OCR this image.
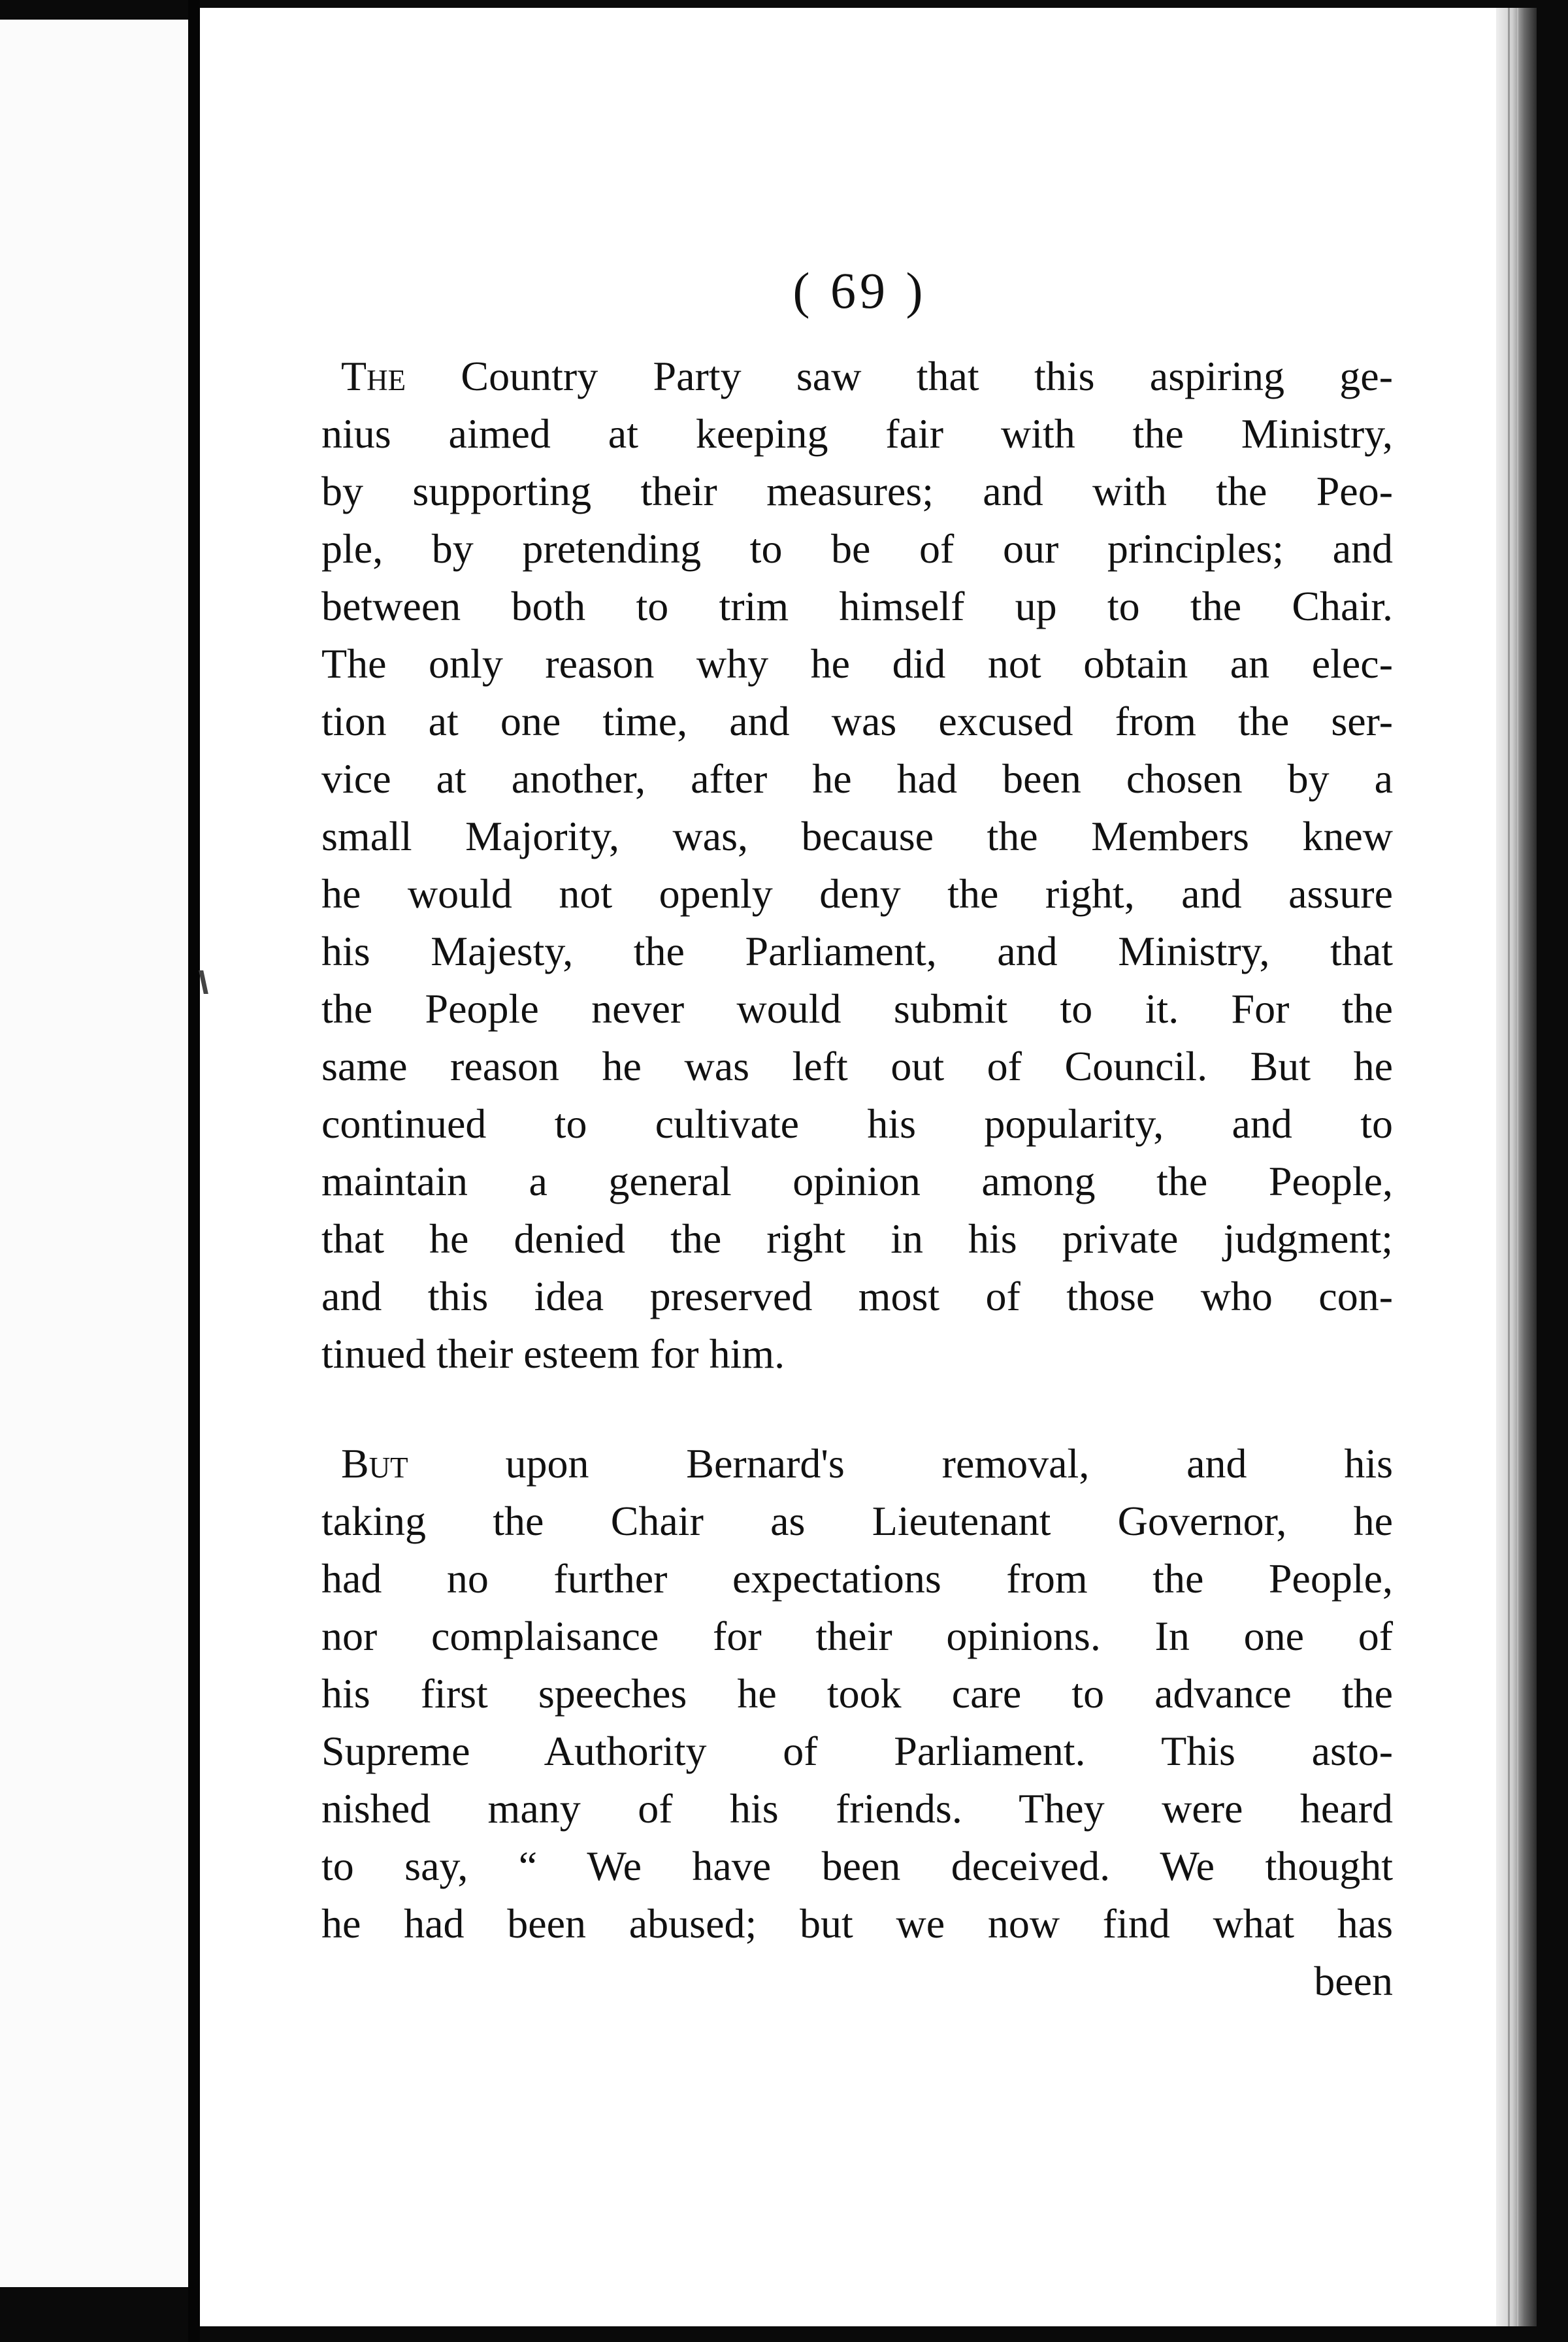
( 69 )
The Country Party saw that this aspiring ge-
nius aimed at keeping fair with the Ministry,
by supporting their measures; and with the Peo-
ple, by pretending to be of our principles; and
between both to trim himself up to the Chair.
The only reason why he did not obtain an elec-
tion at one time, and was excused from the ser-
vice at another, after he had been chosen by a
small Majority, was, because the Members knew
he would not openly deny the right, and assure
his Majesty, the Parliament, and Ministry, that
the People never would submit to it. For the
same reason he was left out of Council. But he
continued to cultivate his popularity, and to
maintain a general opinion among the People,
that he denied the right in his private judgment;
and this idea preserved most of those who con-
tinued their esteem for him.
But upon Bernard's removal, and his
taking the Chair as Lieutenant Governor, he
had no further expectations from the People,
nor complaisance for their opinions. In one of
his first speeches he took care to advance the
Supreme Authority of Parliament. This asto-
nished many of his friends. They were heard
to say, “ We have been deceived. We thought
he had been abused; but we now find what has
been
